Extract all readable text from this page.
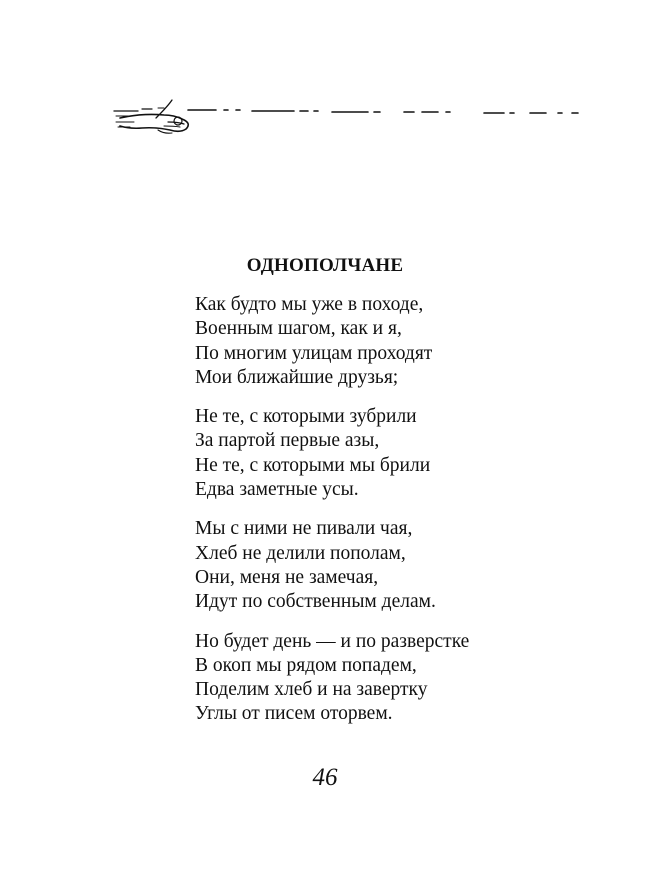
ОДНОПОЛЧАНЕ
Как будто мы уже в походе,
Военным шагом, как и я,
По многим улицам проходят
Мои ближайшие друзья;
Не те, с которыми зубрили
За партой первые азы,
Не те, с которыми мы брили
Едва заметные усы.
Мы с ними не пивали чая,
Хлеб не делили пополам,
Они, меня не замечая,
Идут по собственным делам.
Но будет день — и по разверстке
В окоп мы рядом попадем,
Поделим хлеб и на завертку
Углы от писем оторвем.
46
